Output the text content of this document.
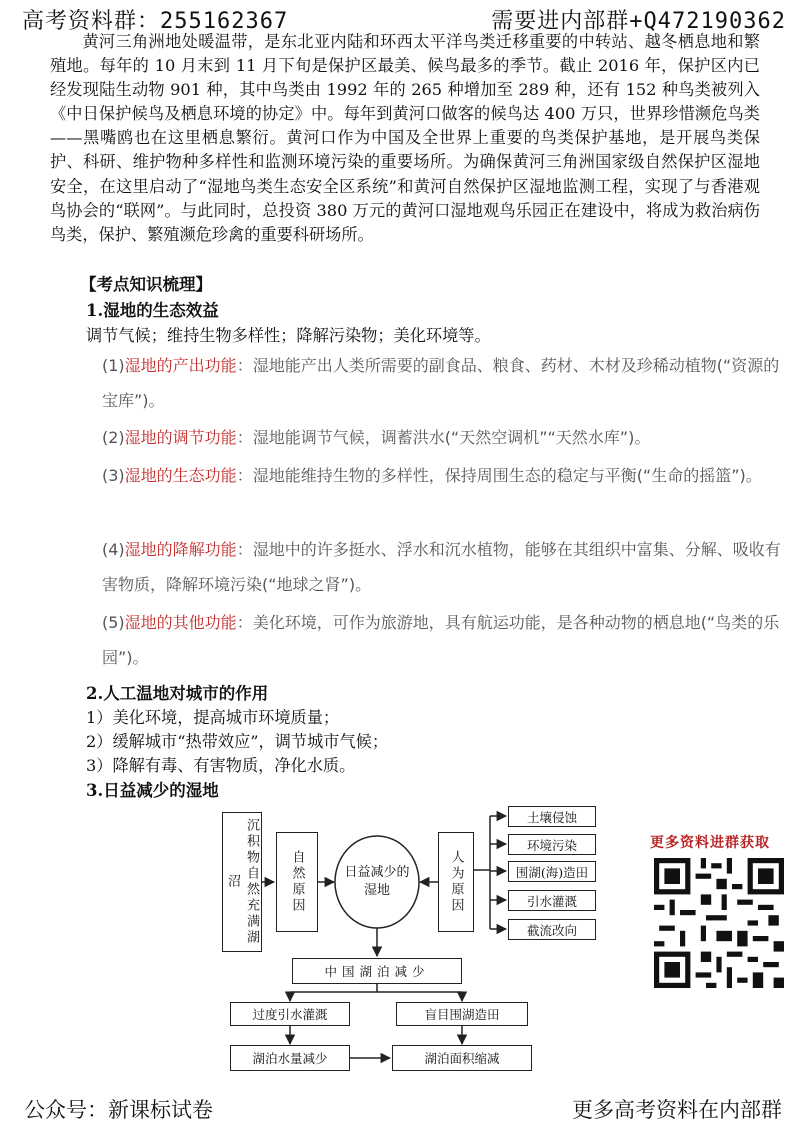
高考资料群：255162367	需要进内部群+Q472190362

黄河三角洲地处暖温带，是东北亚内陆和环西太平洋鸟类迁移重要的中转站、越冬栖息地和繁殖地。每年的 10 月末到 11 月下旬是保护区最美、候鸟最多的季节。截止 2016 年，保护区内已经发现陆生动物 901 种，其中鸟类由 1992 年的 265 种增加至 289 种，还有 152 种鸟类被列入《中日保护候鸟及栖息环境的协定》中。每年到黄河口做客的候鸟达 400 万只，世界珍惜濒危鸟类——黑嘴鸥也在这里栖息繁衍。黄河口作为中国及全世界上重要的鸟类保护基地，是开展鸟类保护、科研、维护物种多样性和监测环境污染的重要场所。为确保黄河三角洲国家级自然保护区湿地安全，在这里启动了“湿地鸟类生态安全区系统”和黄河自然保护区湿地监测工程，实现了与香港观鸟协会的“联网”。与此同时，总投资 380 万元的黄河口湿地观鸟乐园正在建设中，将成为救治病伤鸟类，保护、繁殖濒危珍禽的重要科研场所。

【考点知识梳理】

1.湿地的生态效益

调节气候；维持生物多样性；降解污染物；美化环境等。

(1)湿地的产出功能：湿地能产出人类所需要的副食品、粮食、药材、木材及珍稀动植物(“资源的宝库”)。

(2)湿地的调节功能：湿地能调节气候，调蓄洪水(“天然空调机”“天然水库”)。

(3)湿地的生态功能：湿地能维持生物的多样性，保持周围生态的稳定与平衡(“生命的摇篮”)。

(4)湿地的降解功能：湿地中的许多挺水、浮水和沉水植物，能够在其组织中富集、分解、吸收有害物质，降解环境污染(“地球之肾”)。

(5)湿地的其他功能：美化环境，可作为旅游地，具有航运功能，是各种动物的栖息地(“鸟类的乐园”)。

2.人工温地对城市的作用

1）美化环境，提高城市环境质量；

2）缓解城市“热带效应”，调节城市气候；

3）降解有毒、有害物质，净化水质。

3.日益减少的湿地

沉积物自然充满湖沼	自然原因	日益减少的湿地	人为原因
土壤侵蚀
环境污染
围湖(海)造田
引水灌溉
截流改向
中国湖泊减少
过度引水灌溉	盲目围湖造田
湖泊水量减少	湖泊面积缩减
更多资料进群获取
公众号：新课标试卷	更多高考资料在内部群
